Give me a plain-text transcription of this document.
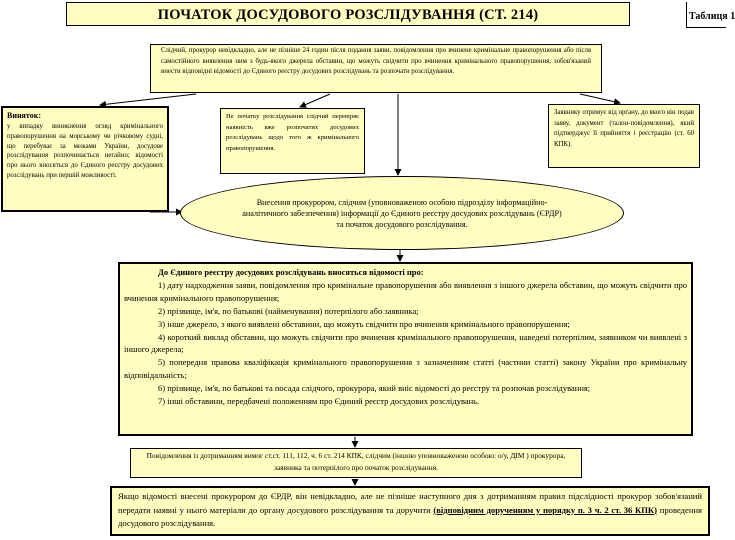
ПОЧАТОК ДОСУДОВОГО РОЗСЛІДУВАННЯ (СТ. 214)	Таблиця 1
Слідчий, прокурор невідкладно, але не пізніше 24 годин після подання заяви, повідомлення про вчинене кримінальне правопорушення або після самостійного виявлення ним з будь-якого джерела обставин, що можуть свідчити про вчинення кримінального правопорушення, зобов'язаний внести відповідні відомості до Єдиного реєстру досудових розслідувань та розпочати розслідування.
Виняток:
у випадку виникнення огляд кримінального правопорушення на морському чи річковому судні, що перебуває за межами України, досудове розслідування розпочинається негайно; відомості про нього вносяться до Єдиного реєстру досудових розслідувань при першій можливості.
Не початку розслідування слідчий перевіряє наявність вже розпочатих досудових розслідувань щодо того ж кримінального правопорушення.
Заявнику отримує від органу, до якого він подав заяву, документ (талон-повідомлення), який підтверджує її прийняття і реєстрацію (ст. 60 КПК).
Внесення прокурором, слідчим (уповноваженою особою підрозділу інформаційно-аналітичного забезпечення) інформації до Єдиного реєстру досудових розслідувань (ЄРДР) та початок досудового розслідування.

До Єдиного реєстру досудових розслідувань вносяться відомості про:

1) дату надходження заяви, повідомлення про кримінальне правопорушення або виявлення з іншого джерела обставин, що можуть свідчити про вчинення кримінального правопорушення;

2) прізвище, ім'я, по батькові (найменування) потерпілого або заявника;

3) інше джерело, з якого виявлені обставини, що можуть свідчити про вчинення кримінального правопорушення;

4) короткий виклад обставин, що можуть свідчити про вчинення кримінального правопорушення, наведені потерпілим, заявником чи виявлені з іншого джерела;

5) попередня правова кваліфікація кримінального правопорушення з зазначенням статті (частини статті) закону України про кримінальну відповідальність;

6) прізвище, ім'я, по батькові та посада слідчого, прокурора, який вніс відомості до реєстру та розпочав розслідування;

7) інші обставини, передбачені положенням про Єдиний реєстр досудових розслідувань.

Повідомлення із дотриманням вимог ст.ст. 111, 112, ч. 6 ст. 214 КПК, слідчим (іншою уповноваженою особою: о/у, ДІМ ) прокурора, заявника та потерпілого про початок розслідування.
Якщо відомості внесені прокурором до ЄРДР, він невідкладно, але не пізніше наступного дня з дотриманням правил підслідності прокурор зобов'язаний передати наявні у нього матеріали до органу досудового розслідування та доручити (відповідним дорученням у порядку п. 3 ч. 2 ст. 36 КПК) проведення досудового розслідування.
